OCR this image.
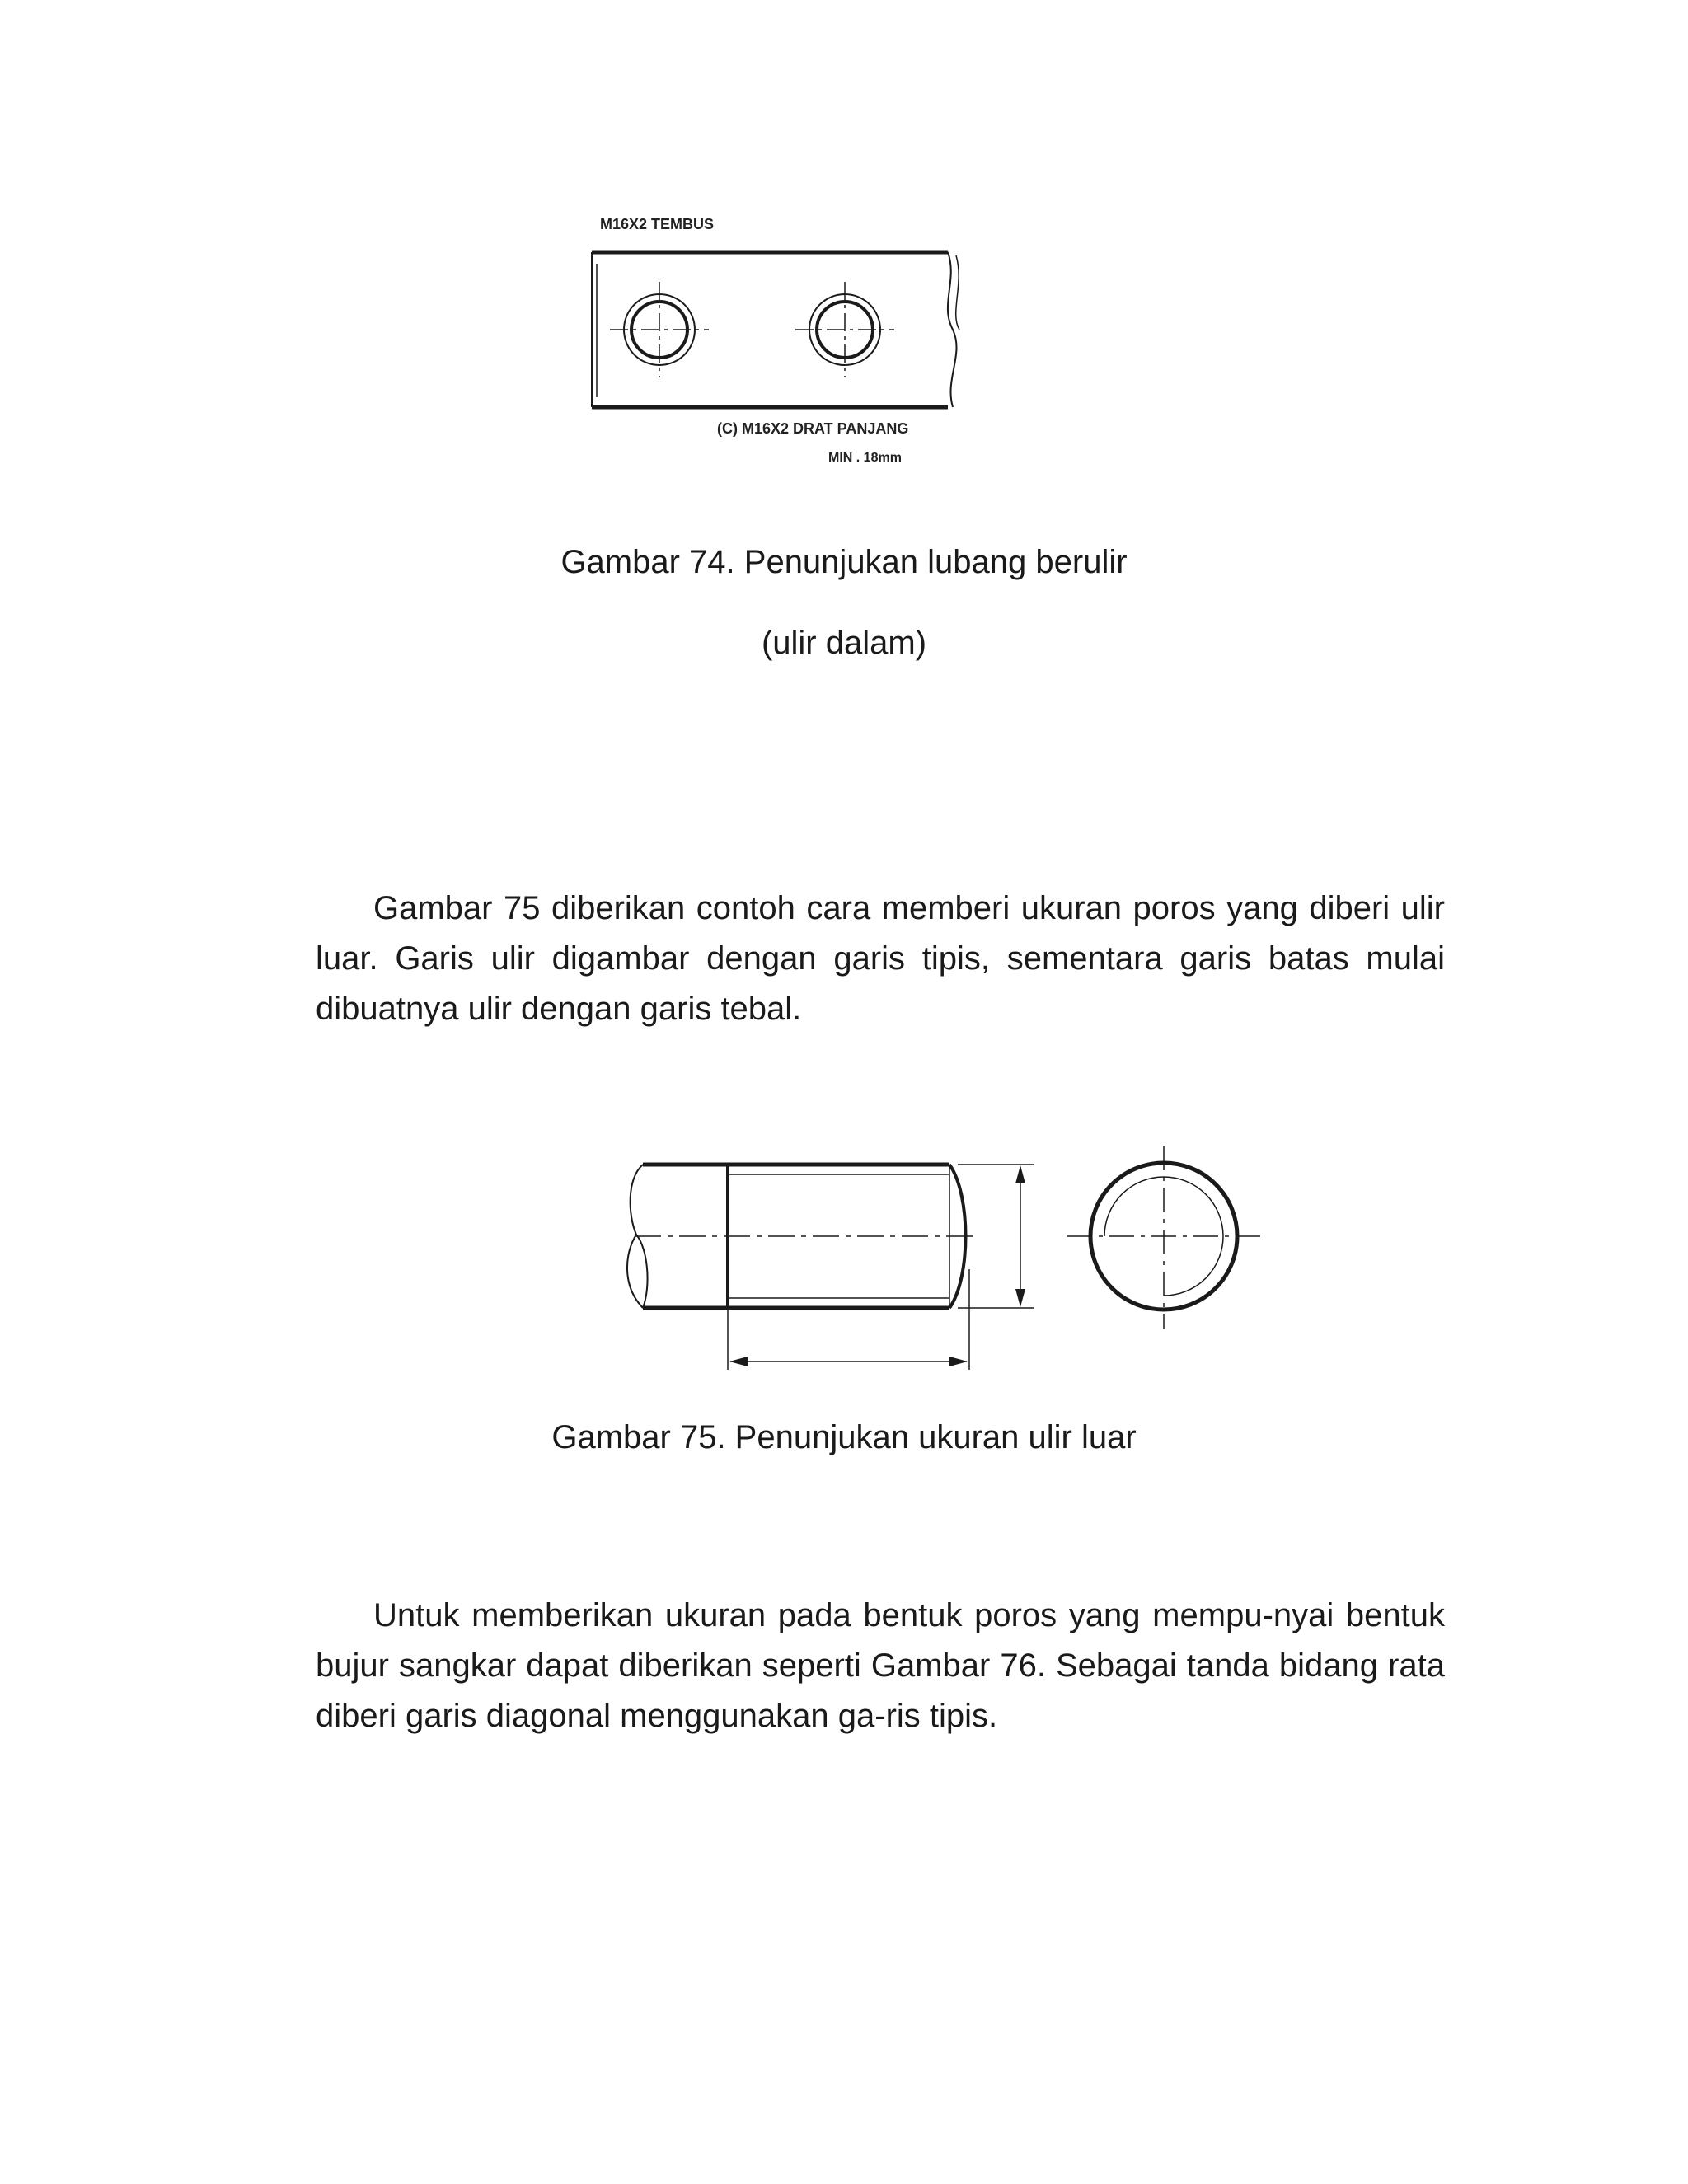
M16X2 TEMBUS
(C) M16X2 DRAT PANJANG
MIN . 18mm
Gambar 74. Penunjukan lubang berulir
(ulir dalam)
Gambar 75 diberikan contoh cara memberi ukuran poros yang diberi ulir
luar. Garis ulir digambar dengan garis tipis, sementara garis batas mulai
dibuatnya ulir dengan garis tebal.
Gambar 75. Penunjukan ukuran ulir luar
Untuk memberikan ukuran pada bentuk poros yang mempu-nyai bentuk
bujur sangkar dapat diberikan seperti Gambar 76. Sebagai tanda bidang rata
diberi garis diagonal menggunakan ga-ris tipis.
